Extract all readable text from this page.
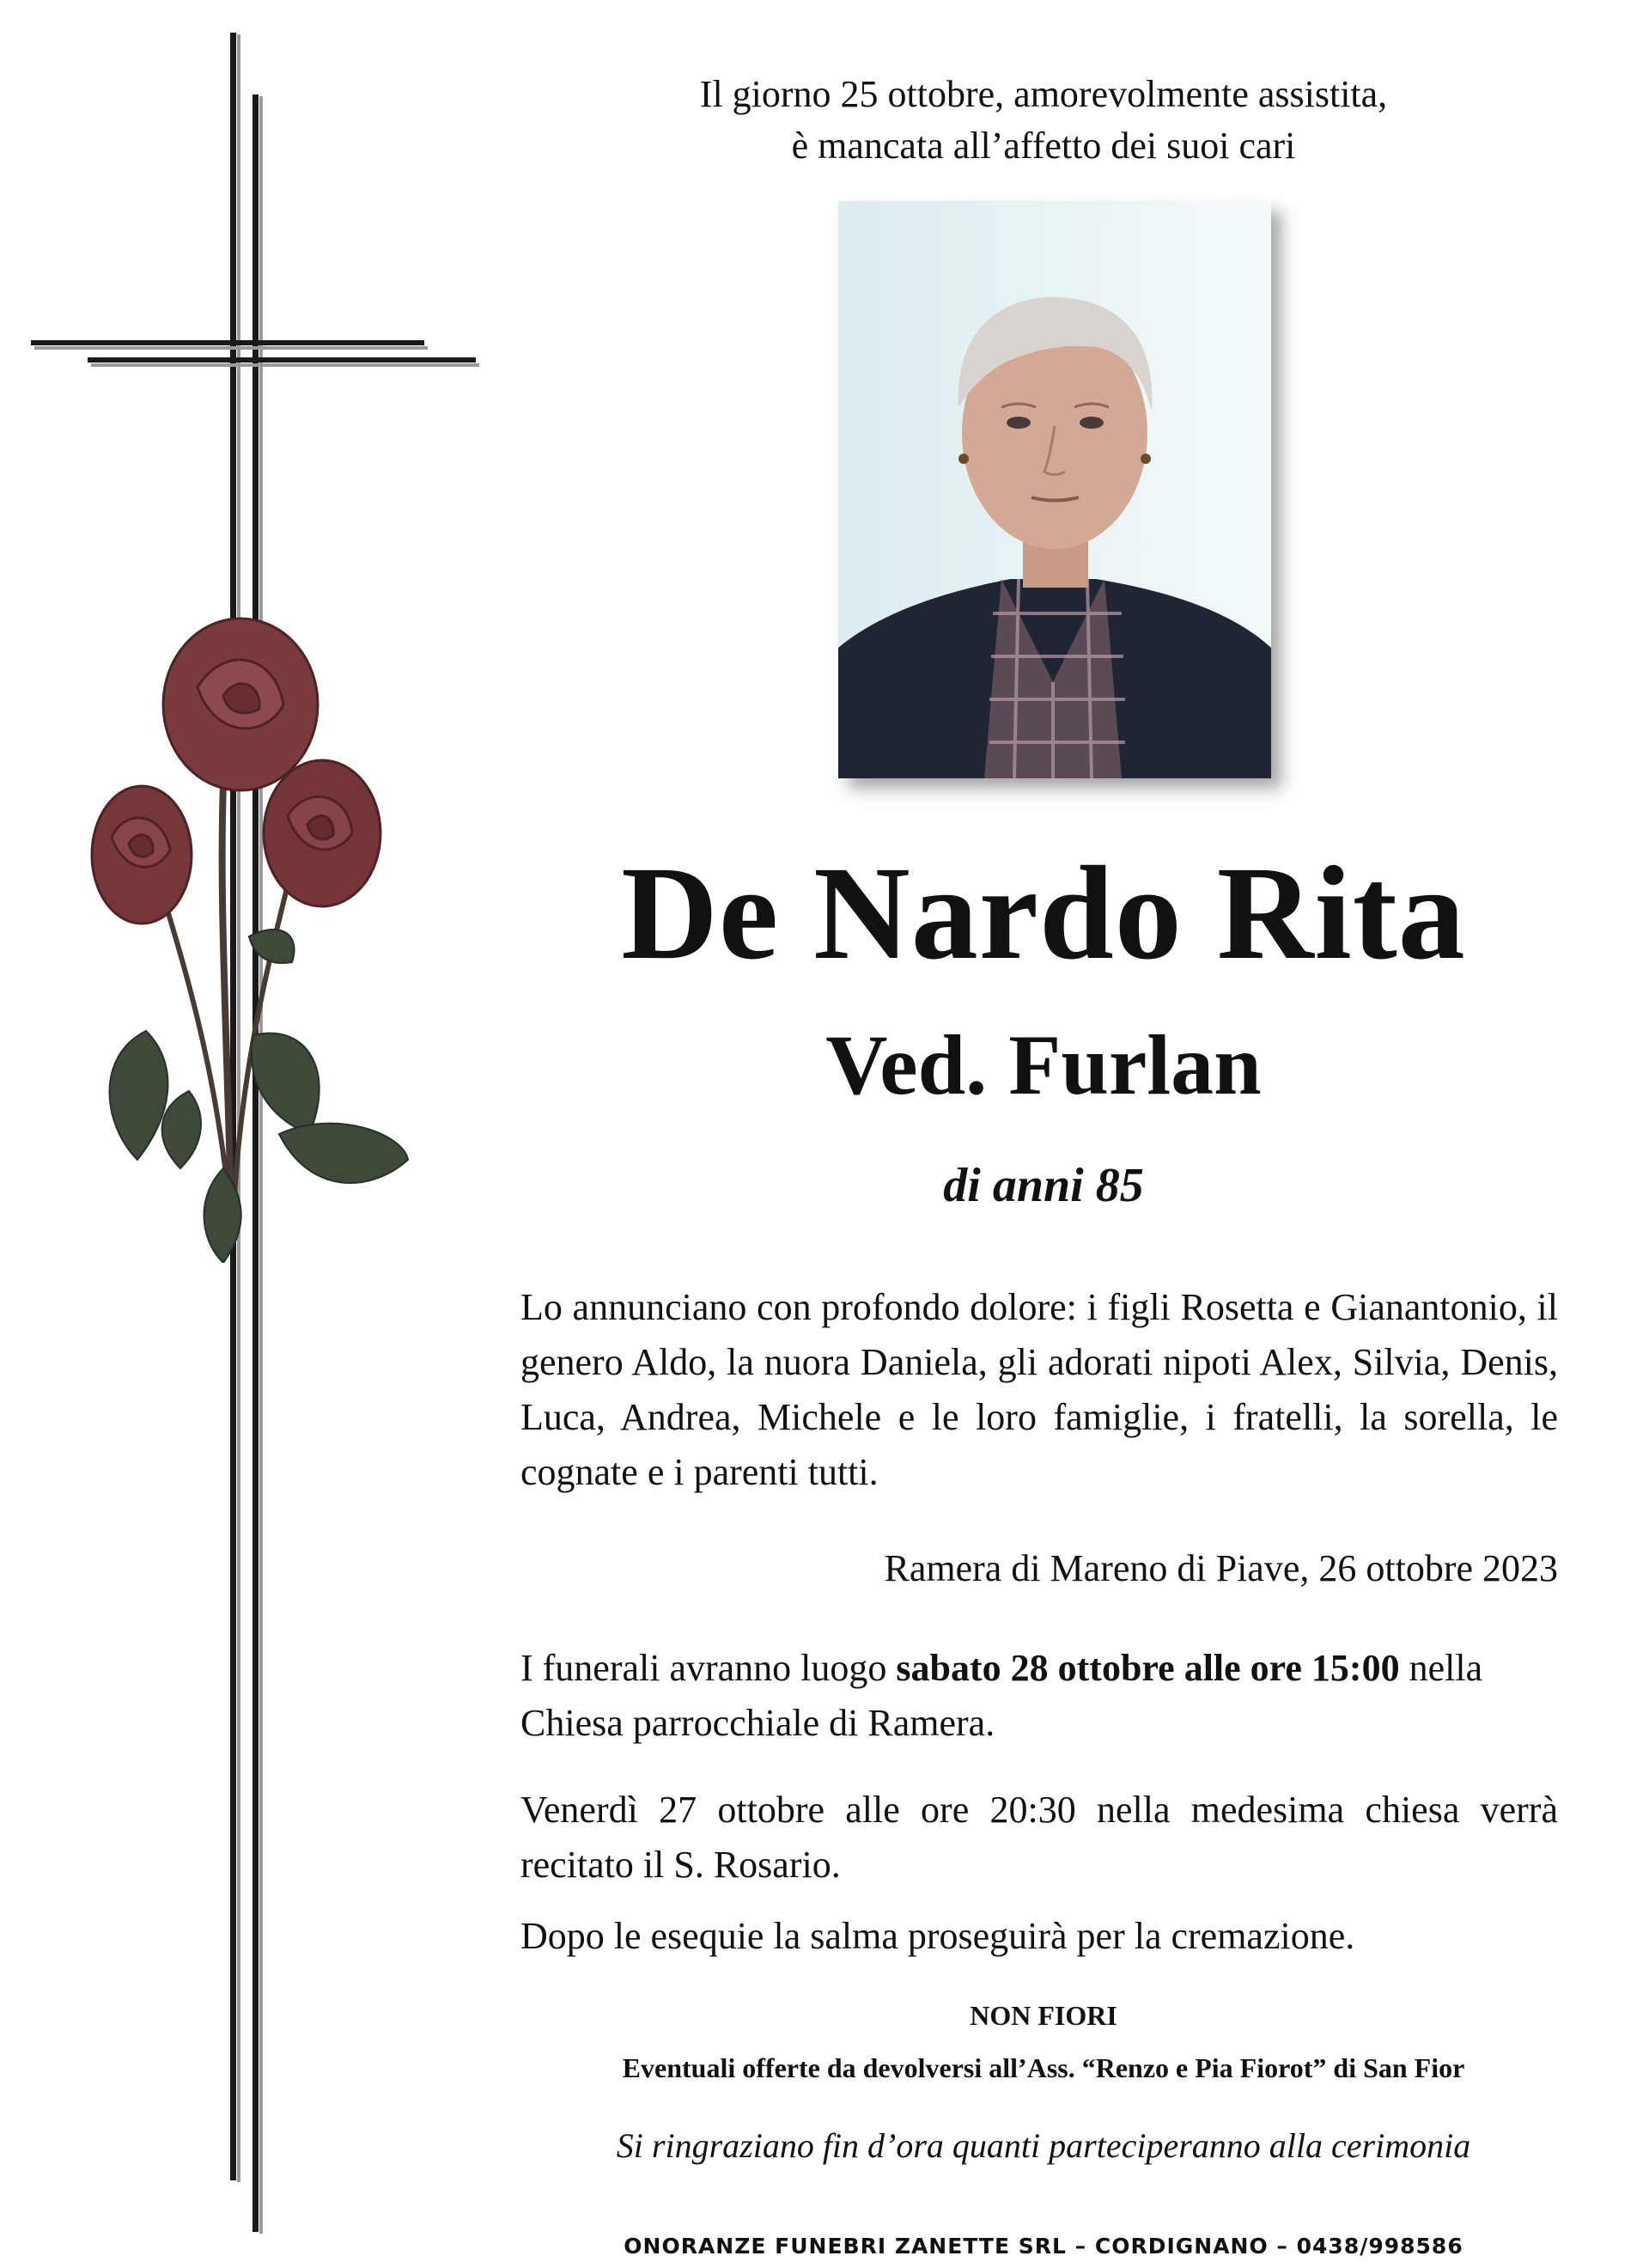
Il giorno 25 ottobre, amorevolmente assistita,
è mancata all’affetto dei suoi cari
De Nardo Rita
Ved. Furlan
di anni 85
Lo annunciano con profondo dolore: i figli Rosetta e Gianantonio, il genero Aldo, la nuora Daniela, gli adorati nipoti Alex, Silvia, Denis, Luca, Andrea, Michele e le loro famiglie, i fratelli, la sorella, le cognate e i parenti tutti.
Ramera di Mareno di Piave, 26 ottobre 2023
I funerali avranno luogo sabato 28 ottobre alle ore 15:00 nella Chiesa parrocchiale di Ramera.
Venerdì 27 ottobre alle ore 20:30 nella medesima chiesa verrà recitato il S. Rosario.
Dopo le esequie la salma proseguirà per la cremazione.
NON FIORI
Eventuali offerte da devolversi all’Ass. “Renzo e Pia Fiorot” di San Fior
Si ringraziano fin d’ora quanti parteciperanno alla cerimonia
ONORANZE FUNEBRI ZANETTE SRL – CORDIGNANO – 0438/998586
